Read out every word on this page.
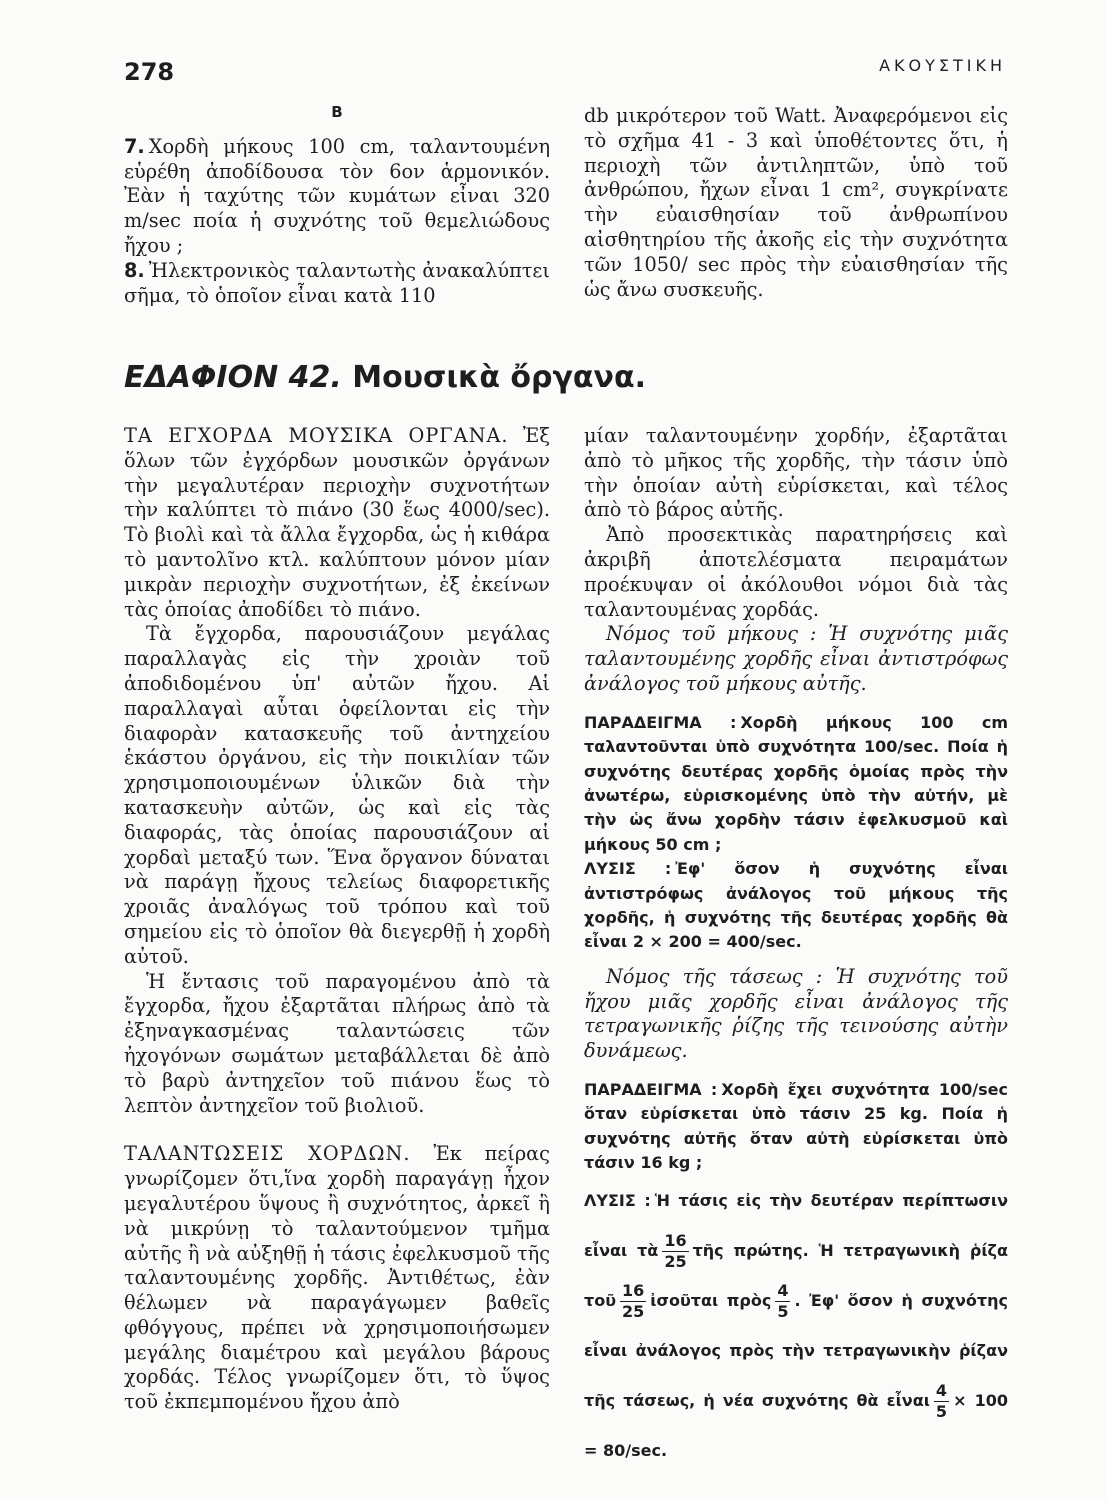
278	ΑΚΟΥΣΤΙΚΗ
B

7. Χορδὴ μήκους 100 cm, ταλαντουμένη εὑρέθη ἀποδίδουσα τὸν 6ον ἁρμονικόν. Ἐὰν ἡ ταχύτης τῶν κυμάτων εἶναι 320 m/sec ποία ἡ συχνότης τοῦ θεμελιώδους ἤχου ;

8. Ἠλεκτρονικὸς ταλαντωτὴς ἀνακαλύπτει σῆμα, τὸ ὁποῖον εἶναι κατὰ 110

db μικρότερον τοῦ Watt. Ἀναφερόμενοι εἰς τὸ σχῆμα 41 - 3 καὶ ὑποθέτοντες ὅτι, ἡ περιοχὴ τῶν ἀντιληπτῶν, ὑπὸ τοῦ ἀνθρώπου, ἤχων εἶναι 1 cm², συγκρίνατε τὴν εὐαισθησίαν τοῦ ἀνθρωπίνου αἰσθητηρίου τῆς ἀκοῆς εἰς τὴν συχνότητα τῶν 1050/ sec πρὸς τὴν εὐαισθησίαν τῆς ὡς ἄνω συσκευῆς.

ΕΔΑΦΙΟΝ 42. Μουσικὰ ὄργανα.

ΤΑ ΕΓΧΟΡΔΑ ΜΟΥΣΙΚΑ ΟΡΓΑΝΑ. Ἐξ ὅλων τῶν ἐγχόρδων μουσικῶν ὀργάνων τὴν μεγαλυτέραν περιοχὴν συχνοτήτων τὴν καλύπτει τὸ πιάνο (30 ἕως 4000/sec). Τὸ βιολὶ καὶ τὰ ἄλλα ἔγχορδα, ὡς ἡ κιθάρα τὸ μαντολῖνο κτλ. καλύπτουν μόνον μίαν μικρὰν περιοχὴν συχνοτήτων, ἐξ ἐκείνων τὰς ὁποίας ἀποδίδει τὸ πιάνο.

Τὰ ἔγχορδα, παρουσιάζουν μεγάλας παραλλαγὰς εἰς τὴν χροιὰν τοῦ ἀποδιδομένου ὑπ' αὐτῶν ἤχου. Αἱ παραλλαγαὶ αὗται ὀφείλονται εἰς τὴν διαφορὰν κατασκευῆς τοῦ ἀντηχείου ἑκάστου ὀργάνου, εἰς τὴν ποικιλίαν τῶν χρησιμοποιουμένων ὑλικῶν διὰ τὴν κατασκευὴν αὐτῶν, ὡς καὶ εἰς τὰς διαφοράς, τὰς ὁποίας παρουσιάζουν αἱ χορδαὶ μεταξύ των. Ἕνα ὄργανον δύναται νὰ παράγῃ ἤχους τελείως διαφορετικῆς χροιᾶς ἀναλόγως τοῦ τρόπου καὶ τοῦ σημείου εἰς τὸ ὁποῖον θὰ διεγερθῇ ἡ χορδὴ αὐτοῦ.

Ἡ ἔντασις τοῦ παραγομένου ἀπὸ τὰ ἔγχορδα, ἤχου ἐξαρτᾶται πλήρως ἀπὸ τὰ ἐξηναγκασμένας ταλαντώσεις τῶν ἠχογόνων σωμάτων μεταβάλλεται δὲ ἀπὸ τὸ βαρὺ ἀντηχεῖον τοῦ πιάνου ἕως τὸ λεπτὸν ἀντηχεῖον τοῦ βιολιοῦ.

ΤΑΛΑΝΤΩΣΕΙΣ ΧΟΡΔΩΝ. Ἐκ πείρας γνωρίζομεν ὅτι,ἵνα χορδὴ παραγάγῃ ἦχον μεγαλυτέρου ὕψους ἢ συχνότητος, ἀρκεῖ ἢ νὰ μικρύνῃ τὸ ταλαντούμενον τμῆμα αὐτῆς ἢ νὰ αὐξηθῇ ἡ τάσις ἐφελκυσμοῦ τῆς ταλαντουμένης χορδῆς. Ἀντιθέτως, ἐὰν θέλωμεν νὰ παραγάγωμεν βαθεῖς φθόγγους, πρέπει νὰ χρησιμοποιήσωμεν μεγάλης διαμέτρου καὶ μεγάλου βάρους χορδάς. Τέλος γνωρίζομεν ὅτι, τὸ ὕψος τοῦ ἐκπεμπομένου ἤχου ἀπὸ

μίαν ταλαντουμένην χορδήν, ἐξαρτᾶται ἀπὸ τὸ μῆκος τῆς χορδῆς, τὴν τάσιν ὑπὸ τὴν ὁποίαν αὐτὴ εὑρίσκεται, καὶ τέλος ἀπὸ τὸ βάρος αὐτῆς.

Ἀπὸ προσεκτικὰς παρατηρήσεις καὶ ἀκριβῆ ἀποτελέσματα πειραμάτων προέκυψαν οἱ ἀκόλουθοι νόμοι διὰ τὰς ταλαντουμένας χορδάς.

Νόμος τοῦ μήκους : Ἡ συχνότης μιᾶς ταλαντουμένης χορδῆς εἶναι ἀντιστρόφως ἀνάλογος τοῦ μήκους αὐτῆς.

ΠΑΡΑΔΕΙΓΜΑ : Χορδὴ μήκους 100 cm ταλαντοῦνται ὑπὸ συχνότητα 100/sec. Ποία ἡ συχνότης δευτέρας χορδῆς ὁμοίας πρὸς τὴν ἀνωτέρω, εὑρισκομένης ὑπὸ τὴν αὐτήν, μὲ τὴν ὡς ἄνω χορδὴν τάσιν ἐφελκυσμοῦ καὶ μήκους 50 cm ;

ΛΥΣΙΣ : Ἐφ' ὅσον ἡ συχνότης εἶναι ἀντιστρόφως ἀνάλογος τοῦ μήκους τῆς χορδῆς, ἡ συχνότης τῆς δευτέρας χορδῆς θὰ εἶναι 2 × 200 = 400/sec.

Νόμος τῆς τάσεως : Ἡ συχνότης τοῦ ἤχου μιᾶς χορδῆς εἶναι ἀνάλογος τῆς τετραγωνικῆς ῥίζης τῆς τεινούσης αὐτὴν δυνάμεως.

ΠΑΡΑΔΕΙΓΜΑ : Χορδὴ ἔχει συχνότητα 100/sec ὅταν εὑρίσκεται ὑπὸ τάσιν 25 kg. Ποία ἡ συχνότης αὐτῆς ὅταν αὐτὴ εὑρίσκεται ὑπὸ τάσιν 16 kg ;

ΛΥΣΙΣ : Ἡ τάσις εἰς τὴν δευτέραν περίπτωσιν εἶναι τὰ $\frac{16}{25}$ τῆς πρώτης. Ἡ τετραγωνικὴ ῥίζα τοῦ $\frac{16}{25}$ ἰσοῦται πρὸς $\frac{4}{5}$ . Ἐφ' ὅσον ἡ συχνότης εἶναι ἀνάλογος πρὸς τὴν τετραγωνικὴν ῥίζαν τῆς τάσεως, ἡ νέα συχνότης θὰ εἶναι $\frac{4}{5} \times 100 = 80/\sec$.
